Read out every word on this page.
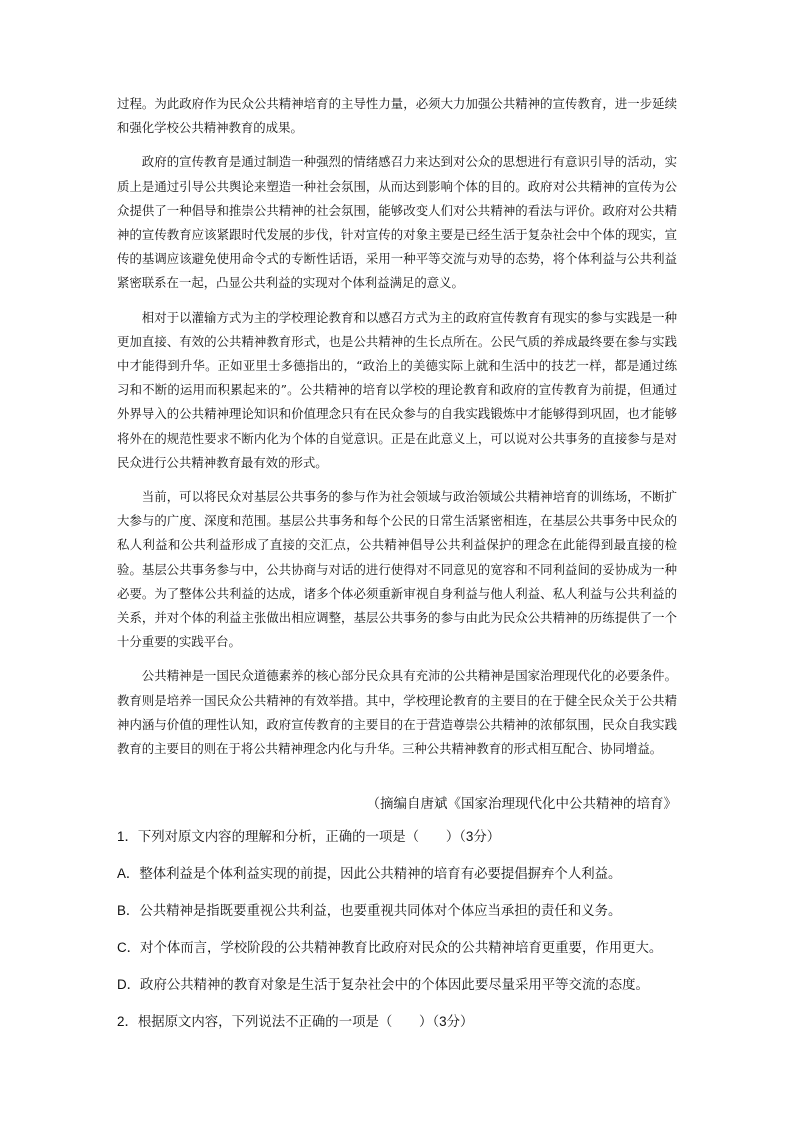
过程。为此政府作为民众公共精神培育的主导性力量，必须大力加强公共精神的宣传教育，进一步延续和强化学校公共精神教育的成果。

政府的宣传教育是通过制造一种强烈的情绪感召力来达到对公众的思想进行有意识引导的活动，实质上是通过引导公共舆论来塑造一种社会氛围，从而达到影响个体的目的。政府对公共精神的宣传为公众提供了一种倡导和推崇公共精神的社会氛围，能够改变人们对公共精神的看法与评价。政府对公共精神的宣传教育应该紧跟时代发展的步伐，针对宣传的对象主要是已经生活于复杂社会中个体的现实，宣传的基调应该避免使用命令式的专断性话语，采用一种平等交流与劝导的态势，将个体利益与公共利益紧密联系在一起，凸显公共利益的实现对个体利益满足的意义。

相对于以灌输方式为主的学校理论教育和以感召方式为主的政府宣传教育有现实的参与实践是一种更加直接、有效的公共精神教育形式，也是公共精神的生长点所在。公民气质的养成最终要在参与实践中才能得到升华。正如亚里士多德指出的，“政治上的美德实际上就和生活中的技艺一样，都是通过练习和不断的运用而积累起来的”。公共精神的培育以学校的理论教育和政府的宣传教育为前提，但通过外界导入的公共精神理论知识和价值理念只有在民众参与的自我实践锻炼中才能够得到巩固，也才能够将外在的规范性要求不断内化为个体的自觉意识。正是在此意义上，可以说对公共事务的直接参与是对民众进行公共精神教育最有效的形式。

当前，可以将民众对基层公共事务的参与作为社会领域与政治领域公共精神培育的训练场，不断扩大参与的广度、深度和范围。基层公共事务和每个公民的日常生活紧密相连，在基层公共事务中民众的私人利益和公共利益形成了直接的交汇点，公共精神倡导公共利益保护的理念在此能得到最直接的检验。基层公共事务参与中，公共协商与对话的进行使得对不同意见的宽容和不同利益间的妥协成为一种必要。为了整体公共利益的达成，诸多个体必须重新审视自身利益与他人利益、私人利益与公共利益的关系，并对个体的利益主张做出相应调整，基层公共事务的参与由此为民众公共精神的历练提供了一个十分重要的实践平台。

公共精神是一国民众道德素养的核心部分民众具有充沛的公共精神是国家治理现代化的必要条件。教育则是培养一国民众公共精神的有效举措。其中，学校理论教育的主要目的在于健全民众关于公共精神内涵与价值的理性认知，政府宣传教育的主要目的在于营造尊崇公共精神的浓郁氛围，民众自我实践教育的主要目的则在于将公共精神理念内化与升华。三种公共精神教育的形式相互配合、协同增益。

（摘编自唐斌《国家治理现代化中公共精神的培育》
1．下列对原文内容的理解和分析，正确的一项是（　　）（3分）
A．整体利益是个体利益实现的前提，因此公共精神的培育有必要提倡摒弃个人利益。
B．公共精神是指既要重视公共利益，也要重视共同体对个体应当承担的责任和义务。
C．对个体而言，学校阶段的公共精神教育比政府对民众的公共精神培育更重要，作用更大。
D．政府公共精神的教育对象是生活于复杂社会中的个体因此要尽量采用平等交流的态度。
2．根据原文内容，下列说法不正确的一项是（　　）（3分）
